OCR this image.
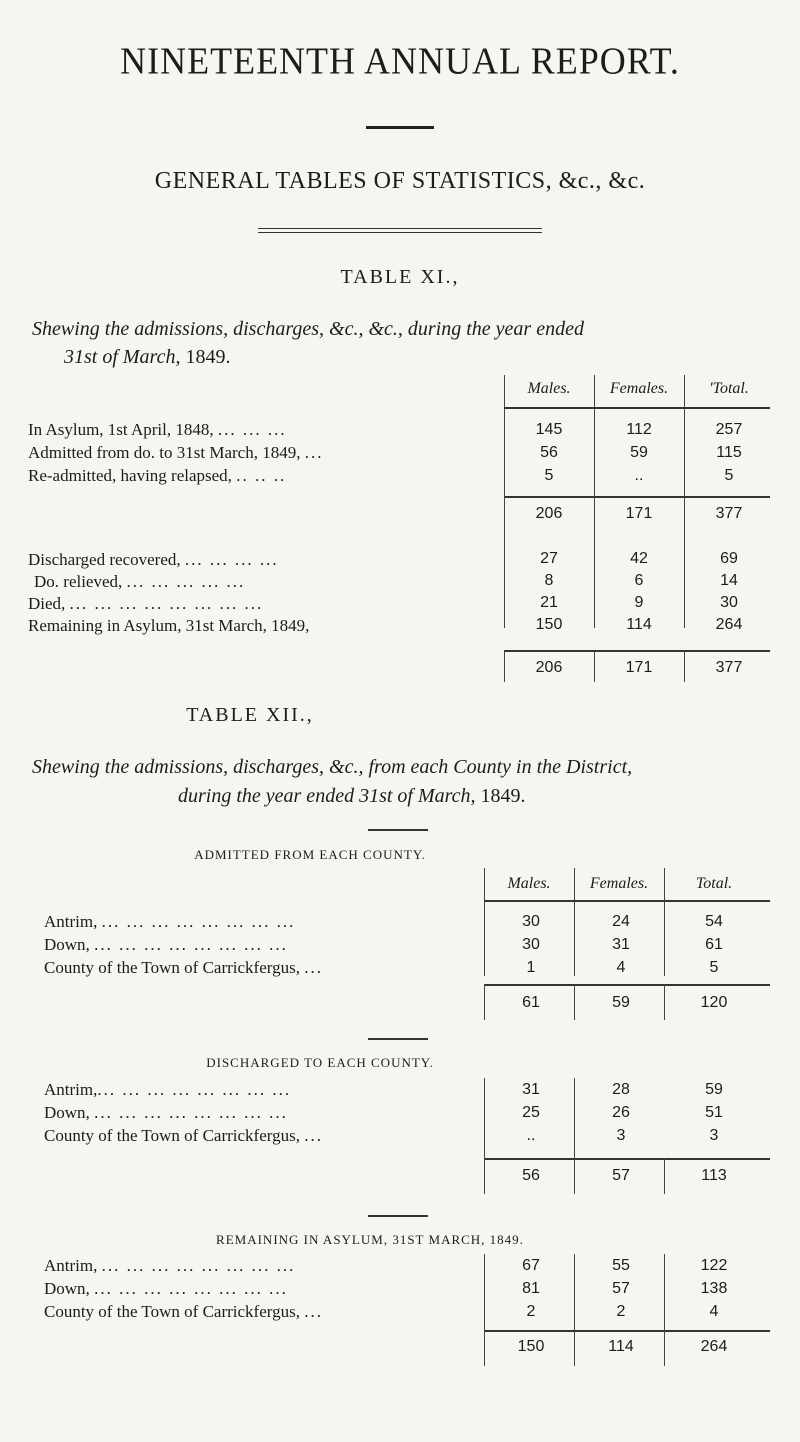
NINETEENTH ANNUAL REPORT.
GENERAL TABLES OF STATISTICS, &c., &c.
TABLE XI.,
Shewing the admissions, discharges, &c., &c., during the year ended
31st of March, 1849.
Males.	Females.	'Total.
In Asylum, 1st April, 1848, ... ... ...	145	112	257
Admitted from do. to 31st March, 1849, ...	56	59	115
Re-admitted, having relapsed, .. .. ..	5	..	5
206	171	377
Discharged recovered, ... ... ... ...	27	42	69
Do. relieved, ... ... ... ... ...	8	6	14
Died, ... ... ... ... ... ... ... ...	21	9	30
Remaining in Asylum, 31st March, 1849,	150	114	264
206	171	377
TABLE XII.,
Shewing the admissions, discharges, &c., from each County in the District,
during the year ended 31st of March, 1849.
ADMITTED FROM EACH COUNTY.
Males.	Females.	Total.
Antrim, ... ... ... ... ... ... ... ...	30	24	54
Down, ... ... ... ... ... ... ... ...	30	31	61
County of the Town of Carrickfergus, ...	1	4	5
61	59	120
DISCHARGED TO EACH COUNTY.
Antrim,... ... ... ... ... ... ... ...	31	28	59
Down, ... ... ... ... ... ... ... ...	25	26	51
County of the Town of Carrickfergus, ...	..	3	3
56	57	113
REMAINING IN ASYLUM, 31ST MARCH, 1849.
Antrim, ... ... ... ... ... ... ... ...	67	55	122
Down, ... ... ... ... ... ... ... ...	81	57	138
County of the Town of Carrickfergus, ...	2	2	4
150	114	264
